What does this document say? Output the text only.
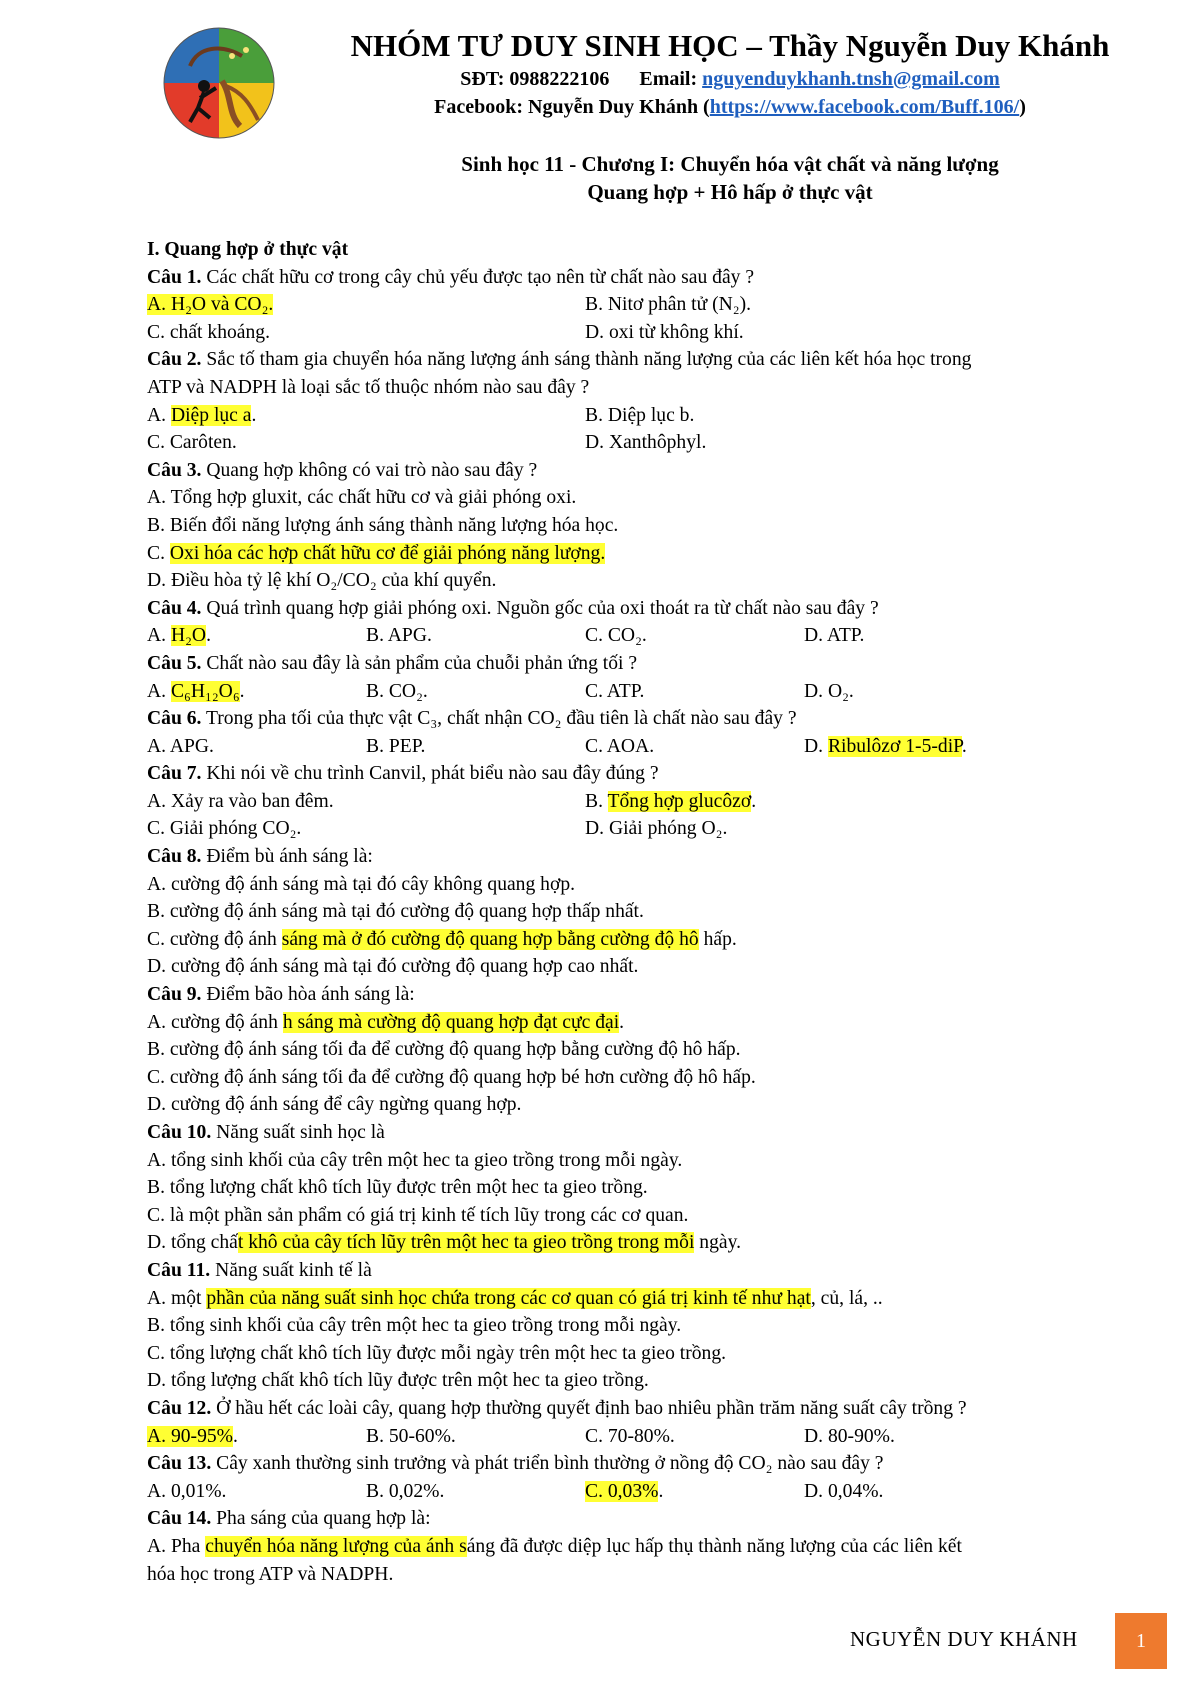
NHÓM TƯ DUY SINH HỌC – Thầy Nguyễn Duy Khánh
SĐT: 0988222106 Email: nguyenduykhanh.tnsh@gmail.com
Facebook: Nguyễn Duy Khánh (https://www.facebook.com/Buff.106/)
Sinh học 11 - Chương I: Chuyển hóa vật chất và năng lượng
Quang hợp + Hô hấp ở thực vật
I. Quang hợp ở thực vật
Câu 1. Các chất hữu cơ trong cây chủ yếu được tạo nên từ chất nào sau đây ?
A. H₂O và CO₂.	B. Nitơ phân tử (N₂).
C. chất khoáng.	D. oxi từ không khí.
Câu 2. Sắc tố tham gia chuyển hóa năng lượng ánh sáng thành năng lượng của các liên kết hóa học trong
ATP và NADPH là loại sắc tố thuộc nhóm nào sau đây ?
A. Diệp lục a.	B. Diệp lục b.
C. Carôten.	D. Xanthôphyl.
Câu 3. Quang hợp không có vai trò nào sau đây ?
A. Tổng hợp gluxit, các chất hữu cơ và giải phóng oxi.
B. Biến đổi năng lượng ánh sáng thành năng lượng hóa học.
C. Oxi hóa các hợp chất hữu cơ để giải phóng năng lượng.
D. Điều hòa tỷ lệ khí O₂/CO₂ của khí quyển.
Câu 4. Quá trình quang hợp giải phóng oxi. Nguồn gốc của oxi thoát ra từ chất nào sau đây ?
A. H₂O.	B. APG.	C. CO₂.	D. ATP.
Câu 5. Chất nào sau đây là sản phẩm của chuỗi phản ứng tối ?
A. C₆H₁₂O₆.	B. CO₂.	C. ATP.	D. O₂.
Câu 6. Trong pha tối của thực vật C₃, chất nhận CO₂ đầu tiên là chất nào sau đây ?
A. APG.	B. PEP.	C. AOA.	D. Ribulôzơ 1-5-diP.
Câu 7. Khi nói về chu trình Canvil, phát biểu nào sau đây đúng ?
A. Xảy ra vào ban đêm.	B. Tổng hợp glucôzơ.
C. Giải phóng CO₂.	D. Giải phóng O₂.
Câu 8. Điểm bù ánh sáng là:
A. cường độ ánh sáng mà tại đó cây không quang hợp.
B. cường độ ánh sáng mà tại đó cường độ quang hợp thấp nhất.
C. cường độ ánh sáng mà ở đó cường độ quang hợp bằng cường độ hô hấp.
D. cường độ ánh sáng mà tại đó cường độ quang hợp cao nhất.
Câu 9. Điểm bão hòa ánh sáng là:
A. cường độ ánh h sáng mà cường độ quang hợp đạt cực đại.
B. cường độ ánh sáng tối đa để cường độ quang hợp bằng cường độ hô hấp.
C. cường độ ánh sáng tối đa để cường độ quang hợp bé hơn cường độ hô hấp.
D. cường độ ánh sáng để cây ngừng quang hợp.
Câu 10. Năng suất sinh học là
A. tổng sinh khối của cây trên một hec ta gieo trồng trong mỗi ngày.
B. tổng lượng chất khô tích lũy được trên một hec ta gieo trồng.
C. là một phần sản phẩm có giá trị kinh tế tích lũy trong các cơ quan.
D. tổng chất khô của cây tích lũy trên một hec ta gieo trồng trong mỗi ngày.
Câu 11. Năng suất kinh tế là
A. một phần của năng suất sinh học chứa trong các cơ quan có giá trị kinh tế như hạt, củ, lá, ..
B. tổng sinh khối của cây trên một hec ta gieo trồng trong mỗi ngày.
C. tổng lượng chất khô tích lũy được mỗi ngày trên một hec ta gieo trồng.
D. tổng lượng chất khô tích lũy được trên một hec ta gieo trồng.
Câu 12. Ở hầu hết các loài cây, quang hợp thường quyết định bao nhiêu phần trăm năng suất cây trồng ?
A. 90-95%.	B. 50-60%.	C. 70-80%.	D. 80-90%.
Câu 13. Cây xanh thường sinh trưởng và phát triển bình thường ở nồng độ CO₂ nào sau đây ?
A. 0,01%.	B. 0,02%.	C. 0,03%.	D. 0,04%.
Câu 14. Pha sáng của quang hợp là:
A. Pha chuyển hóa năng lượng của ánh sáng đã được diệp lục hấp thụ thành năng lượng của các liên kết
hóa học trong ATP và NADPH.
NGUYỄN DUY KHÁNH	1
